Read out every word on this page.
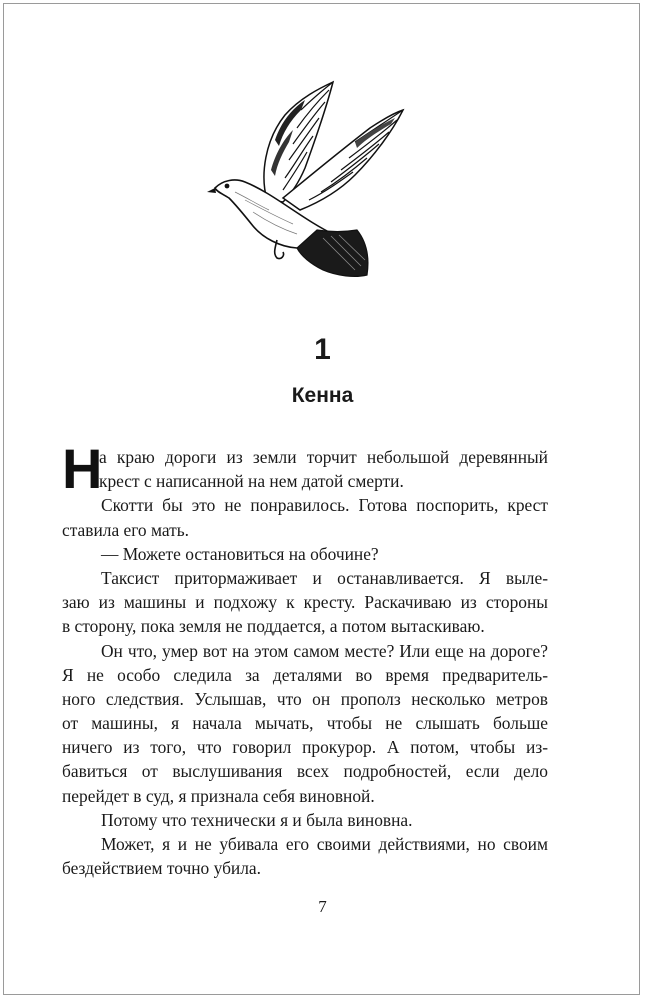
1
Кенна
Н
а краю дороги из земли торчит небольшой деревянный
крест с написанной на нем датой смерти.
Скотти бы это не понравилось. Готова поспорить, крест
ставила его мать.
— Можете остановиться на обочине?
Таксист притормаживает и останавливается. Я выле-
заю из машины и подхожу к кресту. Раскачиваю из стороны
в сторону, пока земля не поддается, а потом вытаскиваю.
Он что, умер вот на этом самом месте? Или еще на дороге?
Я не особо следила за деталями во время предваритель-
ного следствия. Услышав, что он прополз несколько метров
от машины, я начала мычать, чтобы не слышать больше
ничего из того, что говорил прокурор. А потом, чтобы из-
бавиться от выслушивания всех подробностей, если дело
перейдет в суд, я признала себя виновной.
Потому что технически я и была виновна.
Может, я и не убивала его своими действиями, но своим
бездействием точно убила.
7
